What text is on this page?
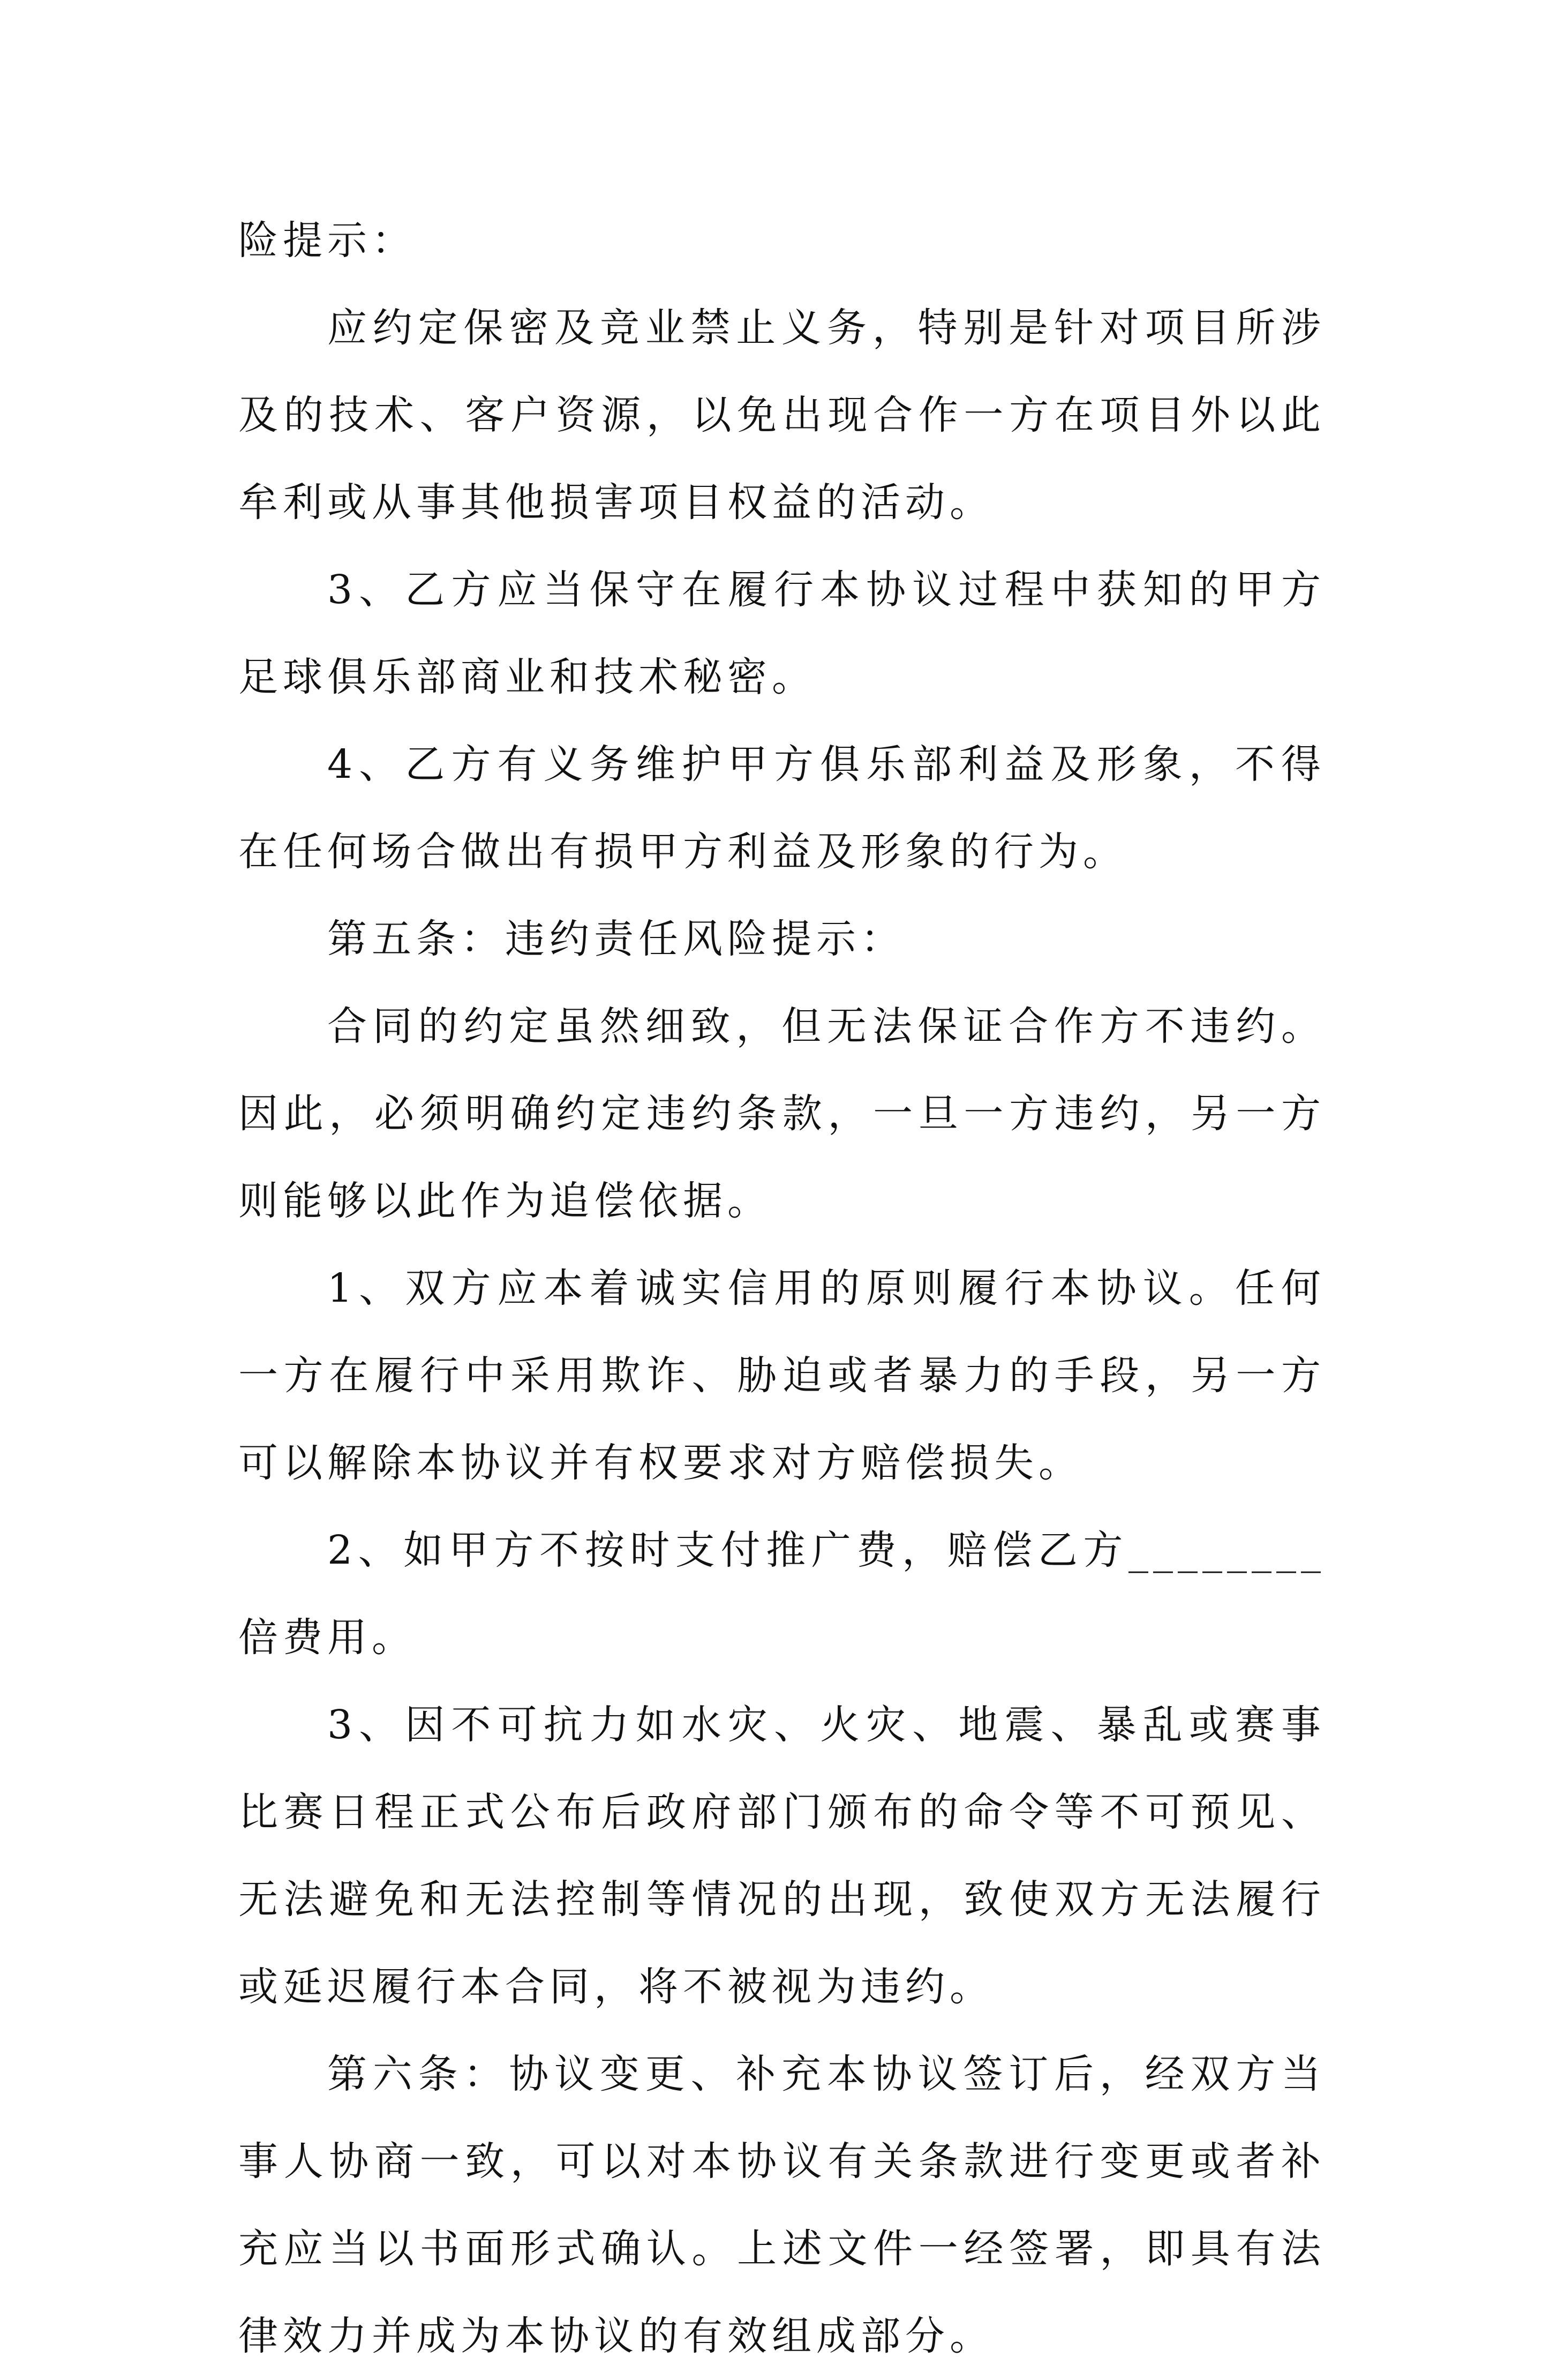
险提示：

应约定保密及竞业禁止义务，特别是针对项目所涉及的技术、客户资源，以免出现合作一方在项目外以此牟利或从事其他损害项目权益的活动。

3、乙方应当保守在履行本协议过程中获知的甲方足球俱乐部商业和技术秘密。

4、乙方有义务维护甲方俱乐部利益及形象，不得在任何场合做出有损甲方利益及形象的行为。

第五条：违约责任风险提示：

合同的约定虽然细致，但无法保证合作方不违约。因此，必须明确约定违约条款，一旦一方违约，另一方则能够以此作为追偿依据。

1、双方应本着诚实信用的原则履行本协议。任何一方在履行中采用欺诈、胁迫或者暴力的手段，另一方可以解除本协议并有权要求对方赔偿损失。

2、如甲方不按时支付推广费，赔偿乙方________倍费用。

3、因不可抗力如水灾、火灾、地震、暴乱或赛事比赛日程正式公布后政府部门颁布的命令等不可预见、无法避免和无法控制等情况的出现，致使双方无法履行或延迟履行本合同，将不被视为违约。

第六条：协议变更、补充本协议签订后，经双方当事人协商一致，可以对本协议有关条款进行变更或者补充应当以书面形式确认。上述文件一经签署，即具有法律效力并成为本协议的有效组成部分。
